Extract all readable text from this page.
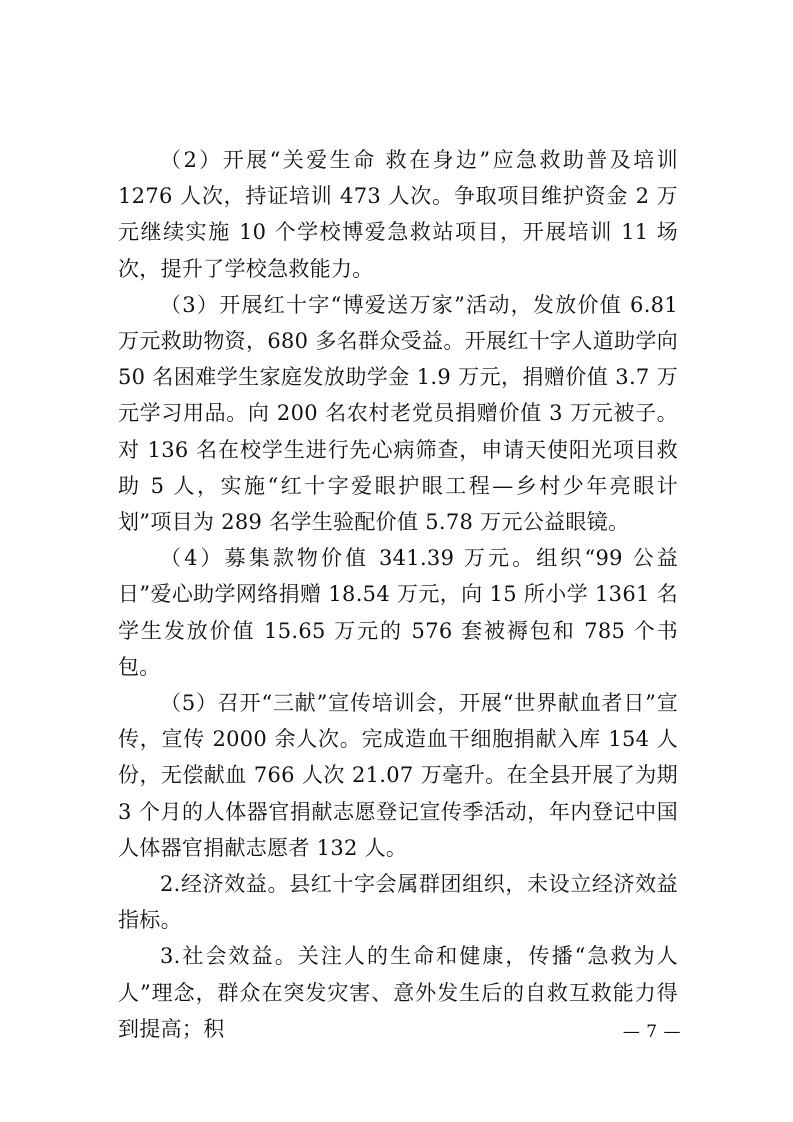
（2）开展“关爱生命 救在身边”应急救助普及培训 1276 人次，持证培训 473 人次。争取项目维护资金 2 万元继续实施 10 个学校博爱急救站项目，开展培训 11 场次，提升了学校急救能力。

（3）开展红十字“博爱送万家”活动，发放价值 6.81 万元救助物资，680 多名群众受益。开展红十字人道助学向 50 名困难学生家庭发放助学金 1.9 万元，捐赠价值 3.7 万元学习用品。向 200 名农村老党员捐赠价值 3 万元被子。对 136 名在校学生进行先心病筛查，申请天使阳光项目救助 5 人，实施“红十字爱眼护眼工程—乡村少年亮眼计划”项目为 289 名学生验配价值 5.78 万元公益眼镜。

（4）募集款物价值 341.39 万元。组织“99 公益日”爱心助学网络捐赠 18.54 万元，向 15 所小学 1361 名学生发放价值 15.65 万元的 576 套被褥包和 785 个书包。

（5）召开“三献”宣传培训会，开展“世界献血者日”宣传，宣传 2000 余人次。完成造血干细胞捐献入库 154 人份，无偿献血 766 人次 21.07 万毫升。在全县开展了为期 3 个月的人体器官捐献志愿登记宣传季活动，年内登记中国人体器官捐献志愿者 132 人。

2.经济效益。县红十字会属群团组织，未设立经济效益指标。

3.社会效益。关注人的生命和健康，传播“急救为人人”理念，群众在突发灾害、意外发生后的自救互救能力得到提高；积	— 7 —
